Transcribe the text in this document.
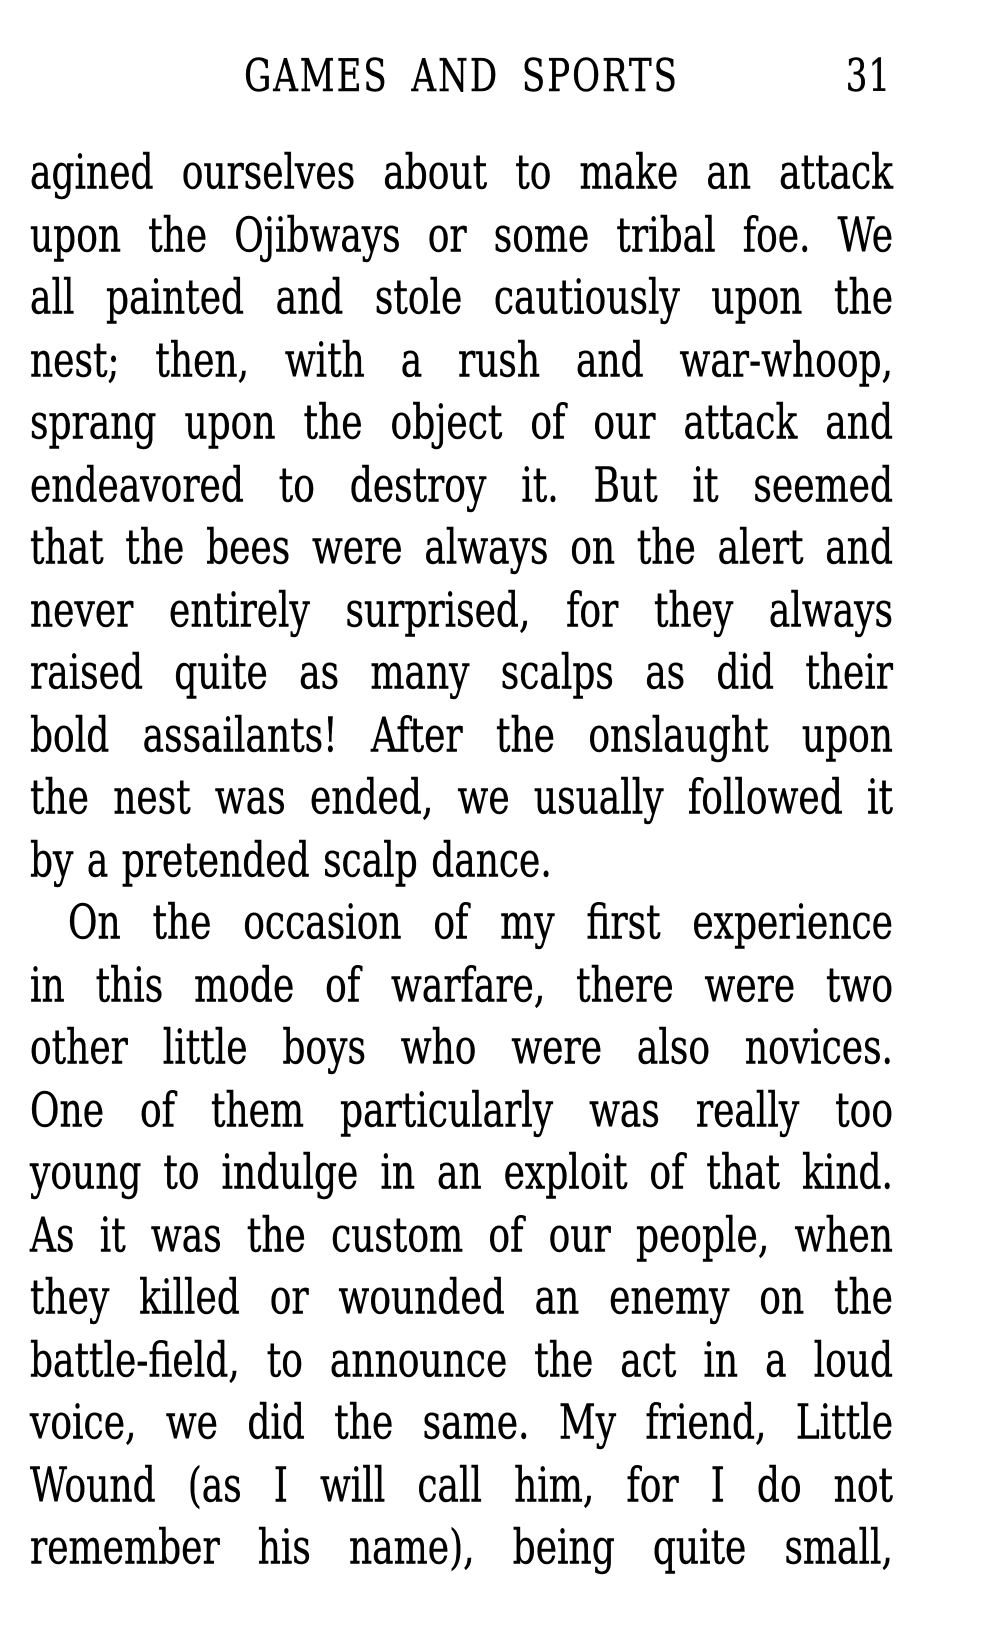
GAMES AND SPORTS	31
agined ourselves about to make an attack
upon the Ojibways or some tribal foe. We
all painted and stole cautiously upon the
nest; then, with a rush and war-whoop,
sprang upon the object of our attack and
endeavored to destroy it. But it seemed
that the bees were always on the alert and
never entirely surprised, for they always
raised quite as many scalps as did their
bold assailants! After the onslaught upon
the nest was ended, we usually followed it
by a pretended scalp dance.
On the occasion of my first experience
in this mode of warfare, there were two
other little boys who were also novices.
One of them particularly was really too
young to indulge in an exploit of that kind.
As it was the custom of our people, when
they killed or wounded an enemy on the
battle-field, to announce the act in a loud
voice, we did the same. My friend, Little
Wound (as I will call him, for I do not
remember his name), being quite small,
